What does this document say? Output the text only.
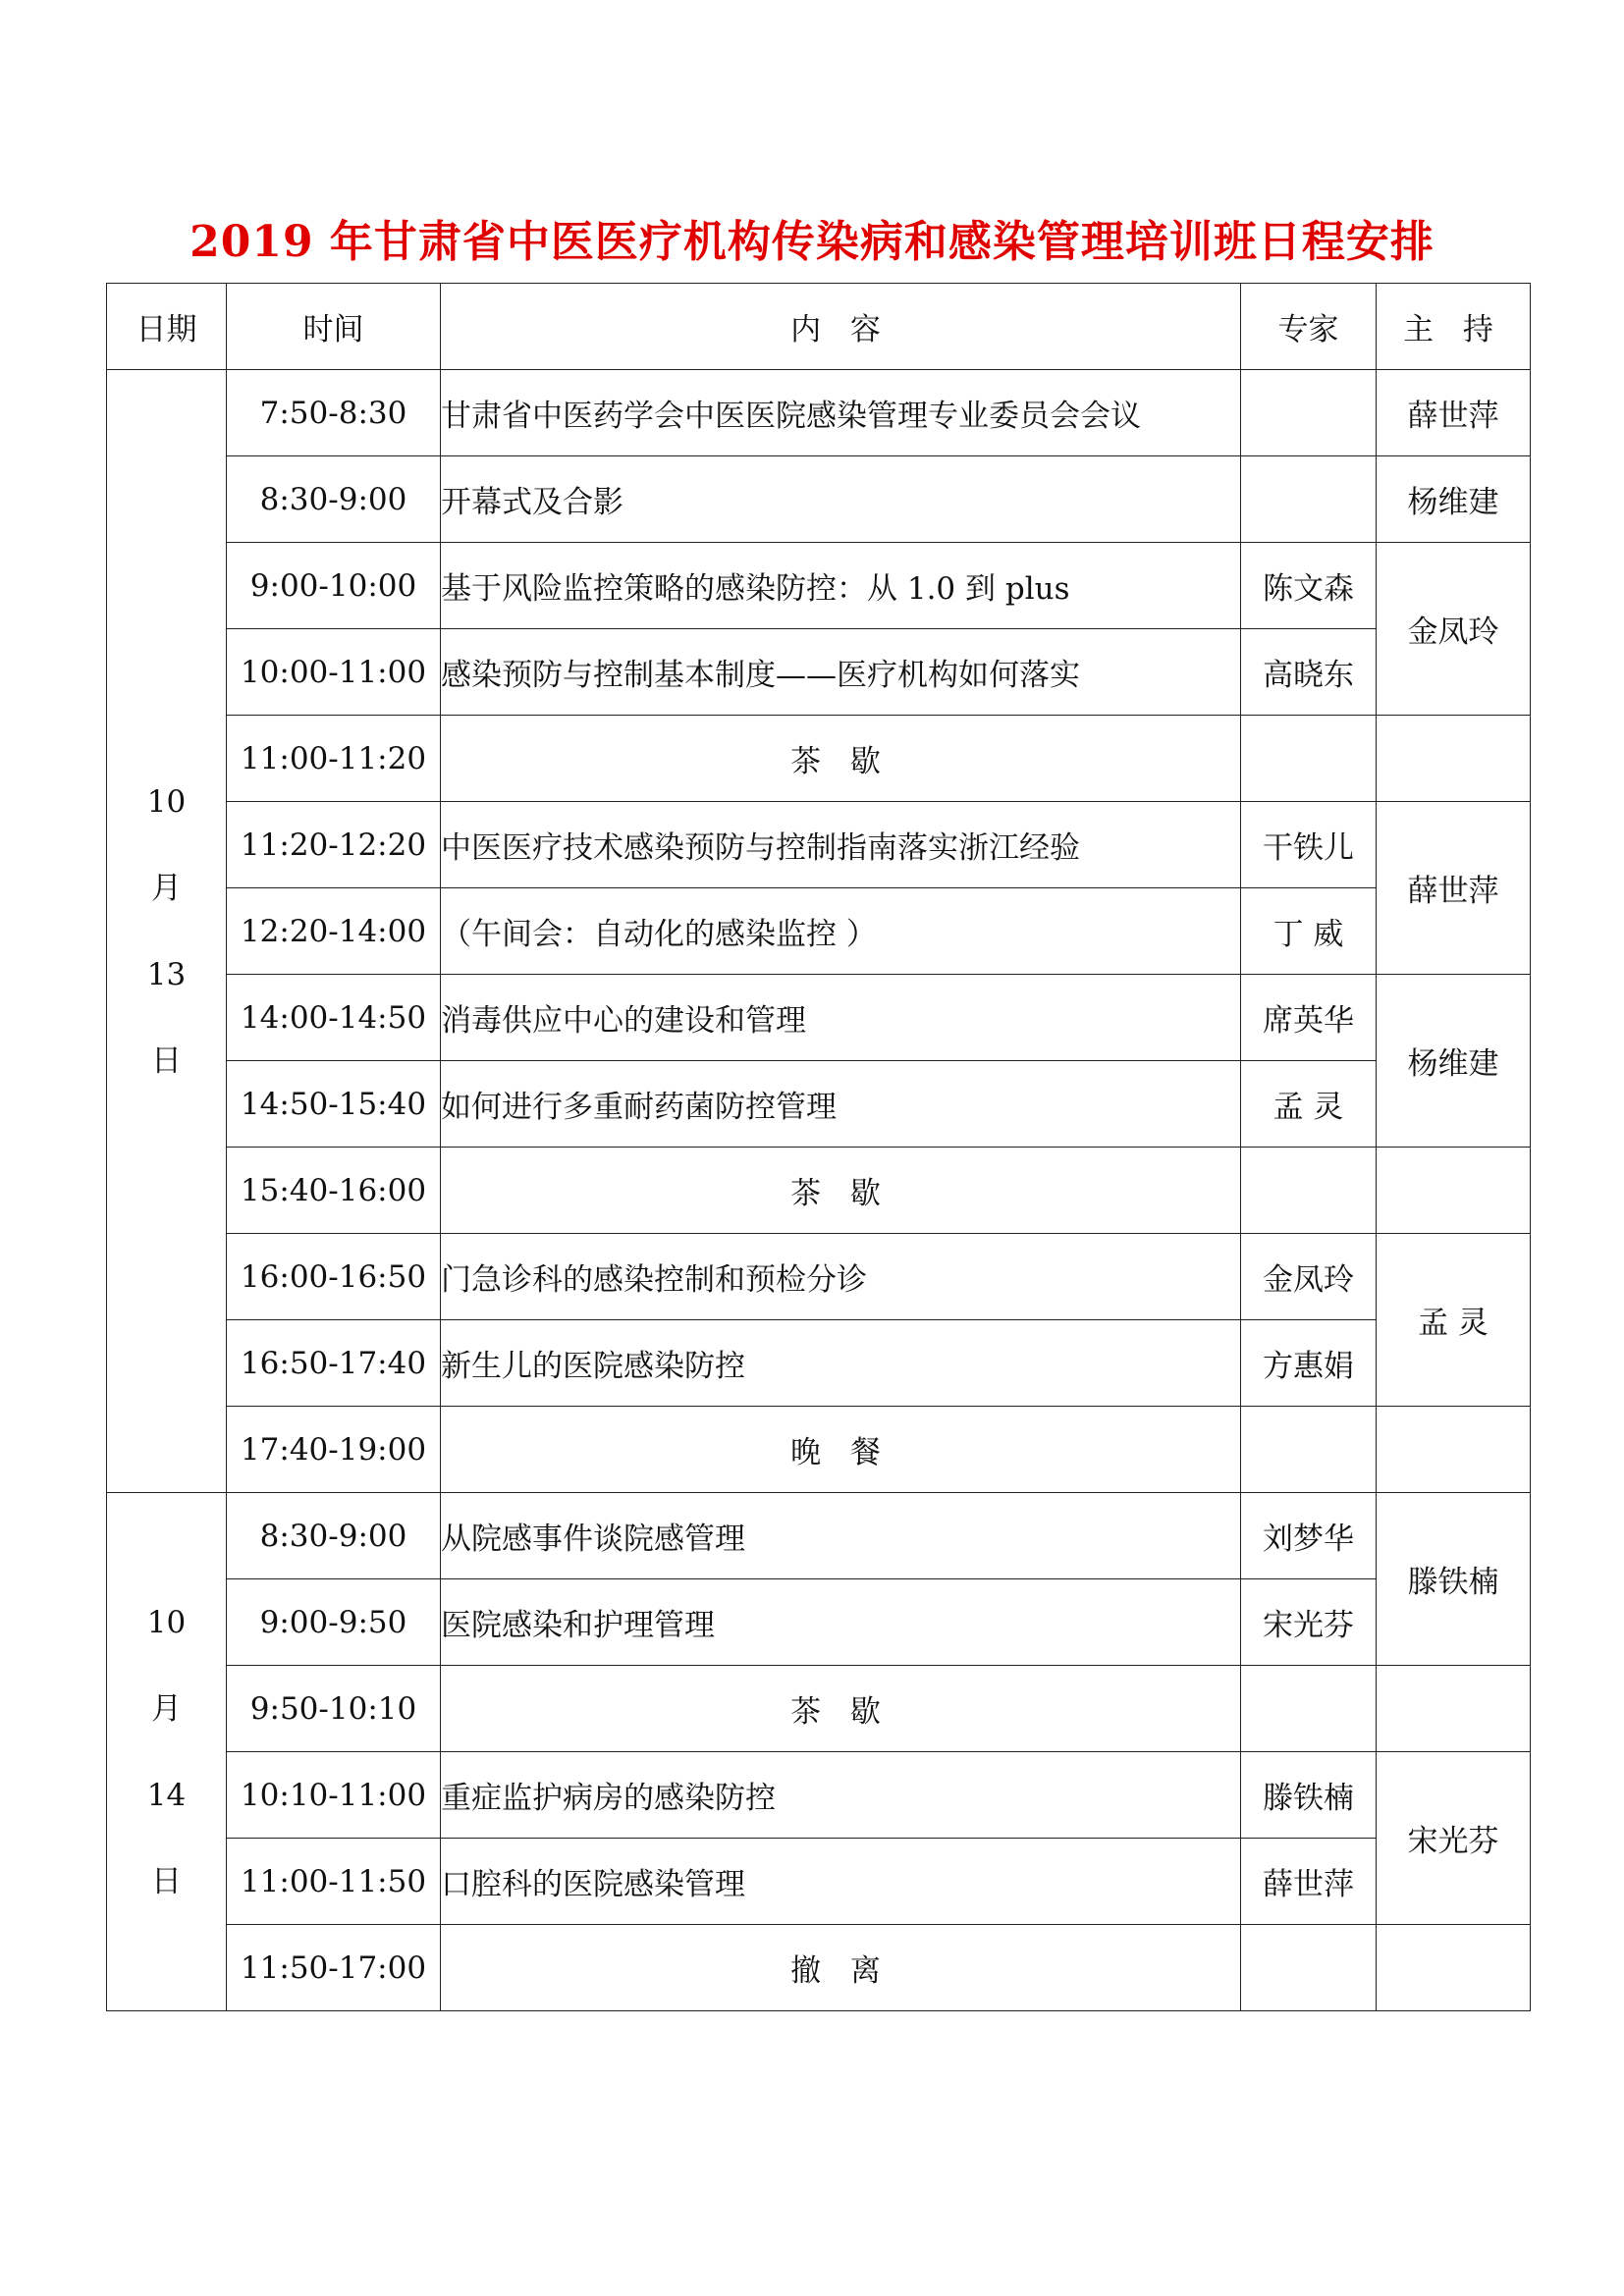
2019 年甘肃省中医医疗机构传染病和感染管理培训班日程安排
日期	时间	内 容	专家	主 持

10
月
13
日	7:50-8:30	甘肃省中医药学会中医医院感染管理专业委员会会议		薛世萍
	8:30-9:00	开幕式及合影		杨维建
	9:00-10:00	基于风险监控策略的感染防控：从 1.0 到 plus	陈文森	金凤玲
	10:00-11:00	感染预防与控制基本制度——医疗机构如何落实	高晓东	
	11:00-11:20	茶 歇		
	11:20-12:20	中医医疗技术感染预防与控制指南落实浙江经验	干铁儿	薛世萍
	12:20-14:00	（午间会：自动化的感染监控 ）	丁 威	
	14:00-14:50	消毒供应中心的建设和管理	席英华	杨维建
	14:50-15:40	如何进行多重耐药菌防控管理	孟 灵	
	15:40-16:00	茶 歇		
	16:00-16:50	门急诊科的感染控制和预检分诊	金凤玲	孟 灵
	16:50-17:40	新生儿的医院感染防控	方惠娟	
	17:40-19:00	晚 餐		

10
月
14
日	8:30-9:00	从院感事件谈院感管理	刘梦华	滕铁楠
	9:00-9:50	医院感染和护理管理	宋光芬	
	9:50-10:10	茶 歇		
	10:10-11:00	重症监护病房的感染防控	滕铁楠	宋光芬
	11:00-11:50	口腔科的医院感染管理	薛世萍	
	11:50-17:00	撤 离		
